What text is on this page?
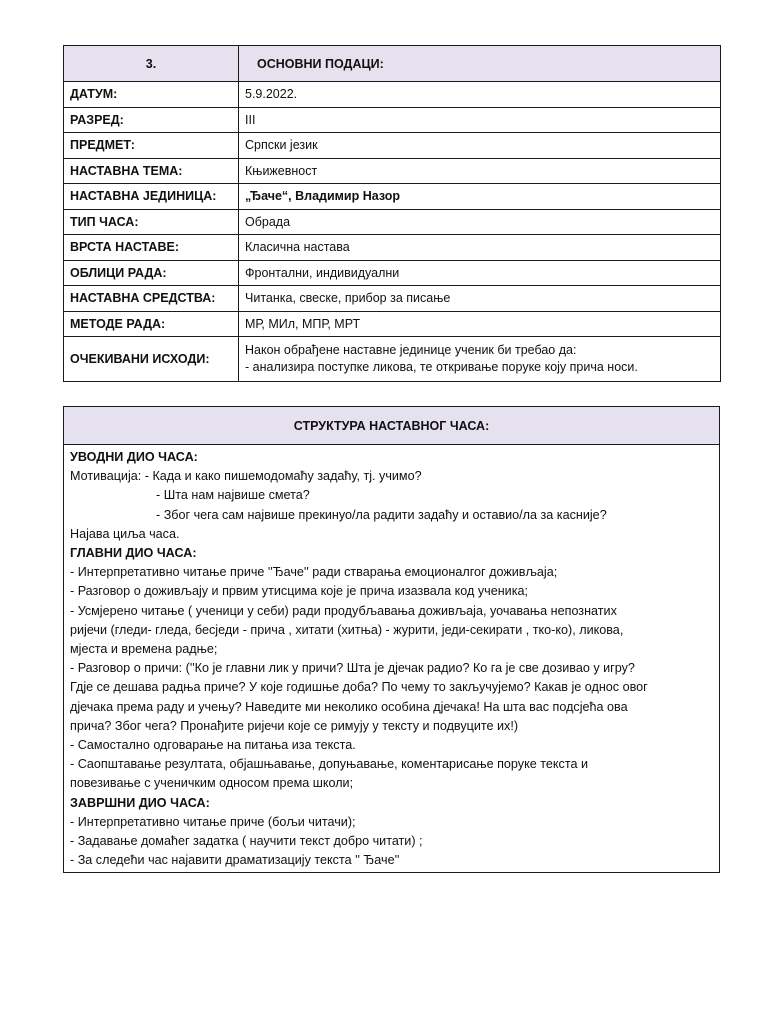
3.	ОСНОВНИ ПОДАЦИ:
ДАТУМ:	5.9.2022.
РАЗРЕД:	III
ПРЕДМЕТ:	Српски језик
НАСТАВНА ТЕМА:	Књижевност
НАСТАВНА ЈЕДИНИЦА:	„Ђаче“, Владимир Назор
ТИП ЧАСА:	Обрада
ВРСТА НАСТАВЕ:	Класична настава
ОБЛИЦИ РАДА:	Фронтални, индивидуални
НАСТАВНА СРЕДСТВА:	Читанка, свеске, прибор за писање
МЕТОДЕ РАДА:	МР, МИл, МПР, МРТ
ОЧЕКИВАНИ ИСХОДИ:	Након обрађене наставне јединице ученик би требао да:
- анализира поступке ликова, те откривање поруке коју прича носи.
СТРУКТУРА НАСТАВНОГ ЧАСА:

УВОДНИ ДИО ЧАСА:
Мотивација: - Када и како пишемодомаћу задаћу, тј. учимо?
- Шта нам највише смета?
- Због чега сам највише прекинуо/ла радити задаћу и оставио/ла за касније?
Најава циља часа.
ГЛАВНИ ДИО ЧАСА:
- Интерпретативно читање приче ''Ђаче'' ради стварања емоционалгог доживљаја;
- Разговор о доживљају и првим утисцима које је прича изазвала код ученика;
- Усмјерено читање ( ученици у себи) ради продубљавања доживљаја, уочавања непознатих
ријечи (гледи- гледа, бесједи - прича , хитати (хитња) - журити, једи-секирати , тко-ко), ликова,
мјеста и времена радње;
- Разговор о причи: (''Ко је главни лик у причи? Шта је дјечак радио? Ко га је све дозивао у игру?
Гдје се дешава радња приче? У које годишње доба? По чему то закључујемо? Какав је однос овог
дјечака према раду и учењу? Наведите ми неколико особина дјечака! На шта вас подсјећа ова
прича? Због чега? Пронађите ријечи које се римују у тексту и подвуците их!)
- Самостално одговарање на питања иза текста.
- Саопштавање резултата, објашњавање, допуњавање, коментарисање поруке текста и
повезивање с ученичким односом према школи;
ЗАВРШНИ ДИО ЧАСА:
- Интерпретативно читање приче (бољи читачи);
- Задавање домаћег задатка ( научити текст добро читати) ;
- За следећи час најавити драматизацију текста '' Ђаче''
